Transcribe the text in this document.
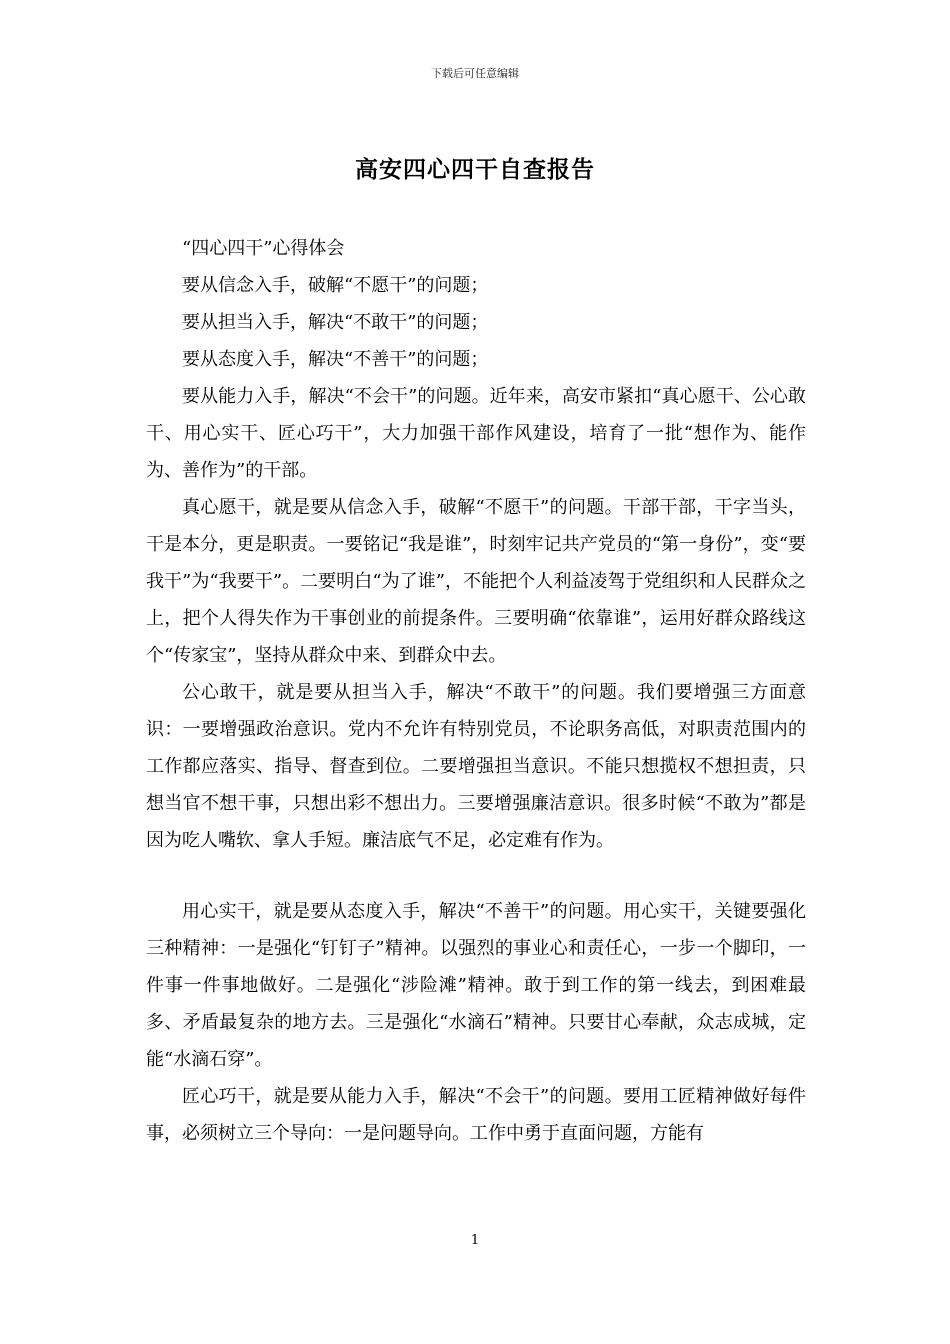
下载后可任意编辑
高安四心四干自查报告
“四心四干”心得体会
要从信念入手，破解“不愿干”的问题；
要从担当入手，解决“不敢干”的问题；
要从态度入手，解决“不善干”的问题；

要从能力入手，解决“不会干”的问题。近年来，高安市紧扣“真心愿干、公心敢干、用心实干、匠心巧干”，大力加强干部作风建设，培育了一批“想作为、能作为、善作为”的干部。

真心愿干，就是要从信念入手，破解“不愿干”的问题。干部干部，干字当头，干是本分，更是职责。一要铭记“我是谁”，时刻牢记共产党员的“第一身份”，变“要我干”为“我要干”。二要明白“为了谁”，不能把个人利益凌驾于党组织和人民群众之上，把个人得失作为干事创业的前提条件。三要明确“依靠谁”，运用好群众路线这个“传家宝”，坚持从群众中来、到群众中去。

公心敢干，就是要从担当入手，解决“不敢干”的问题。我们要增强三方面意识：一要增强政治意识。党内不允许有特别党员，不论职务高低，对职责范围内的工作都应落实、指导、督查到位。二要增强担当意识。不能只想揽权不想担责，只想当官不想干事，只想出彩不想出力。三要增强廉洁意识。很多时候“不敢为”都是因为吃人嘴软、拿人手短。廉洁底气不足，必定难有作为。

用心实干，就是要从态度入手，解决“不善干”的问题。用心实干，关键要强化三种精神：一是强化“钉钉子”精神。以强烈的事业心和责任心，一步一个脚印，一件事一件事地做好。二是强化“涉险滩”精神。敢于到工作的第一线去，到困难最多、矛盾最复杂的地方去。三是强化“水滴石”精神。只要甘心奉献，众志成城，定能“水滴石穿”。

匠心巧干，就是要从能力入手，解决“不会干”的问题。要用工匠精神做好每件事，必须树立三个导向：一是问题导向。工作中勇于直面问题，方能有

1
